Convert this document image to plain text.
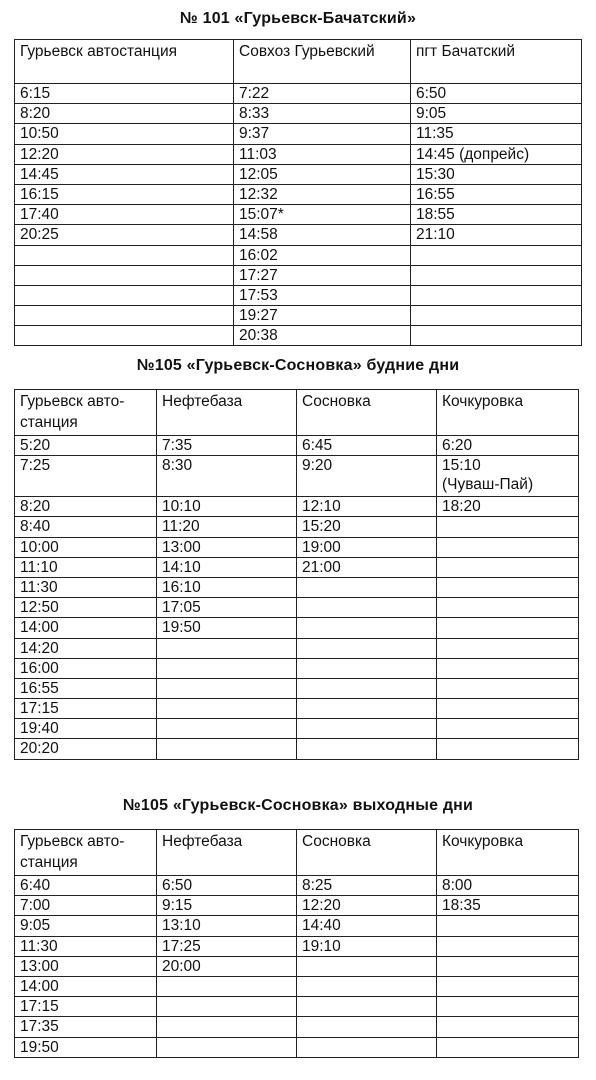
№ 101 «Гурьевск-Бачатский»
Гурьевск автостанция	Совхоз Гурьевский	пгт Бачатский
6:15	7:22	6:50
8:20	8:33	9:05
10:50	9:37	11:35
12:20	11:03	14:45 (допрейс)
14:45	12:05	15:30
16:15	12:32	16:55
17:40	15:07*	18:55
20:25	14:58	21:10
	16:02	
	17:27	
	17:53	
	19:27	
	20:38	
№105 «Гурьевск-Сосновка» будние дни
Гурьевск авто-
станция	Нефтебаза	Сосновка	Кочкуровка
5:20	7:35	6:45	6:20
7:25	8:30	9:20	15:10
(Чуваш-Пай)
8:20	10:10	12:10	18:20
8:40	11:20	15:20	
10:00	13:00	19:00	
11:10	14:10	21:00	
11:30	16:10		
12:50	17:05		
14:00	19:50		
14:20			
16:00			
16:55			
17:15			
19:40			
20:20			
№105 «Гурьевск-Сосновка» выходные дни
Гурьевск авто-
станция	Нефтебаза	Сосновка	Кочкуровка
6:40	6:50	8:25	8:00
7:00	9:15	12:20	18:35
9:05	13:10	14:40	
11:30	17:25	19:10	
13:00	20:00		
14:00			
17:15			
17:35			
19:50			
